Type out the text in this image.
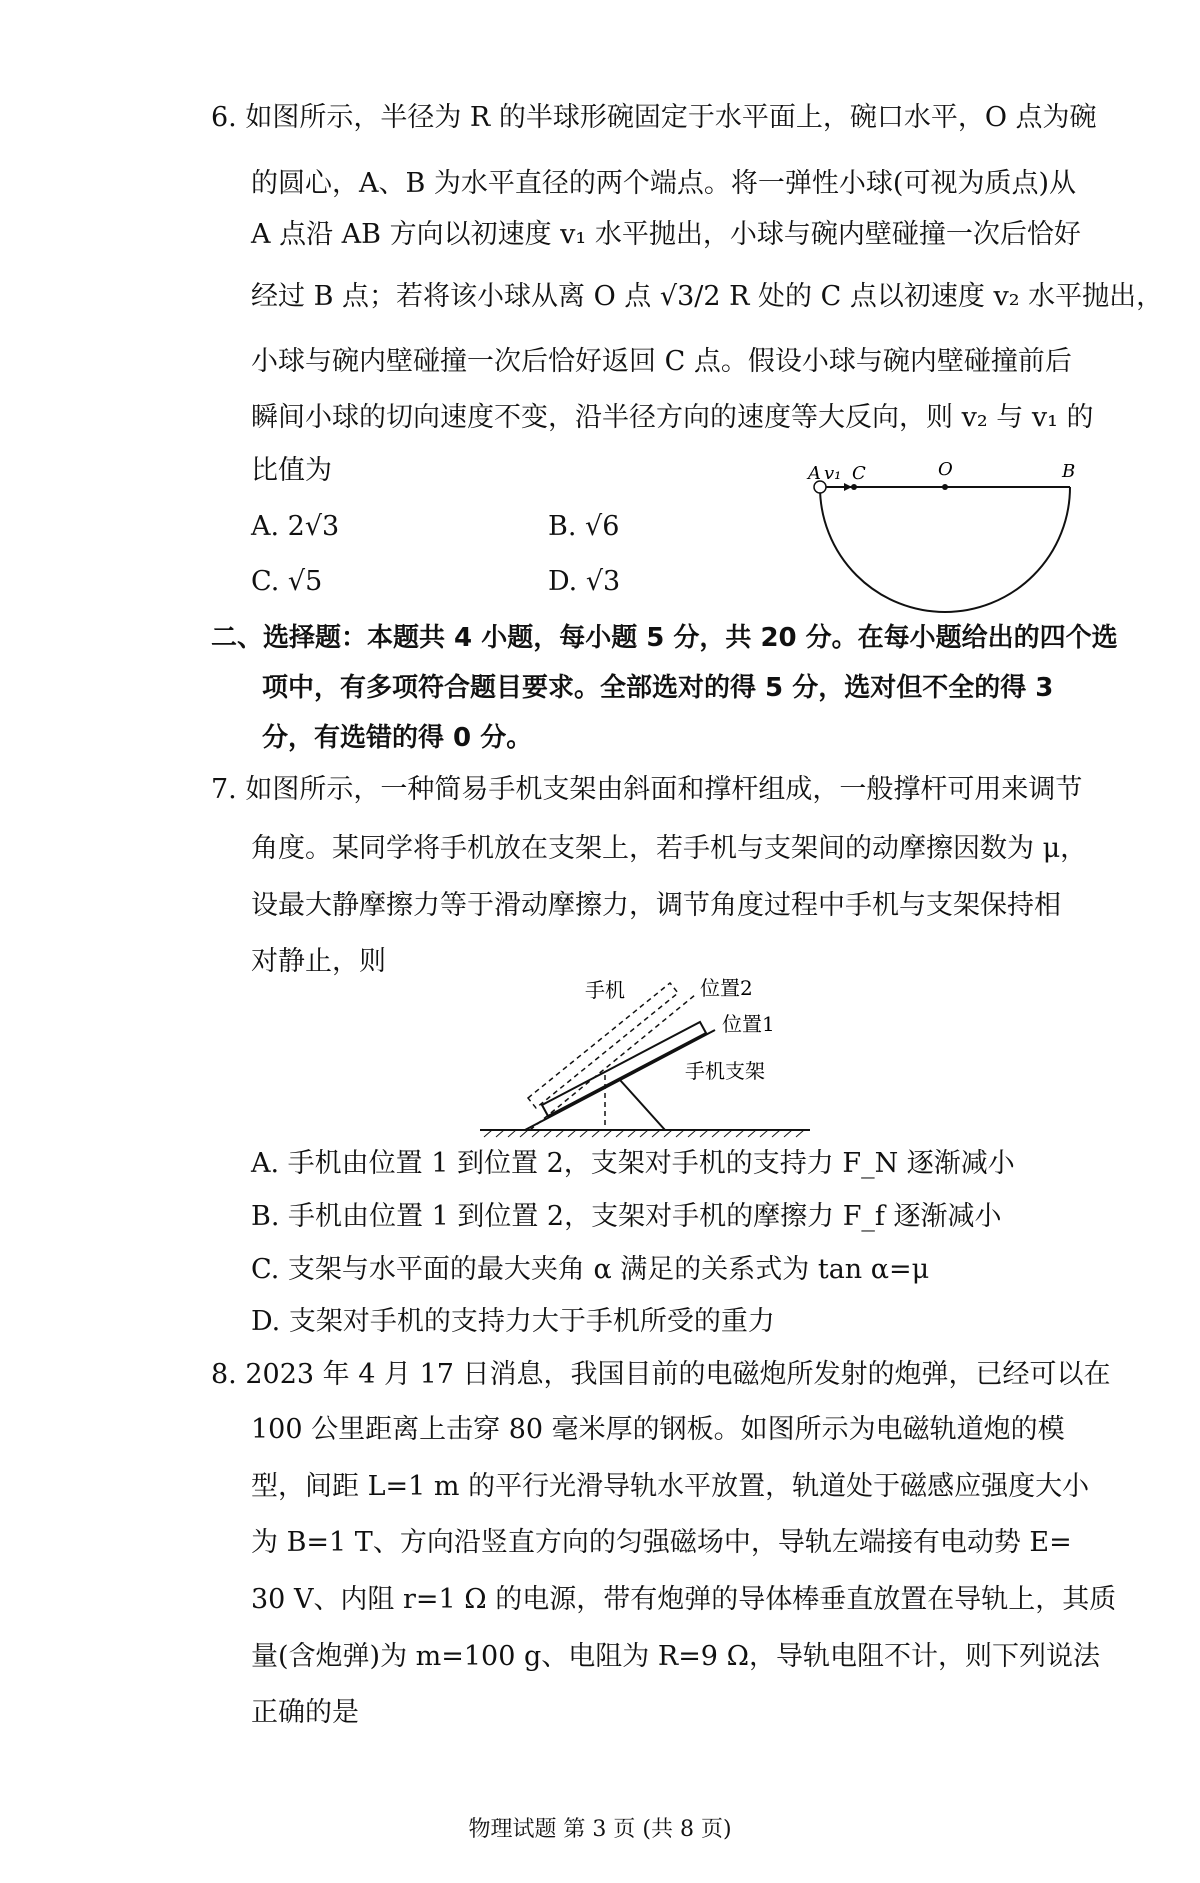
A v₁ C	O	B
手机	位置2
位置1
手机支架
物理试题 第 3 页 (共 8 页)
6. 如图所示，半径为 R 的半球形碗固定于水平面上，碗口水平，O 点为碗
的圆心，A、B 为水平直径的两个端点。将一弹性小球(可视为质点)从
A 点沿 AB 方向以初速度 v₁ 水平抛出，小球与碗内壁碰撞一次后恰好
经过 B 点；若将该小球从离 O 点 √3/2 R 处的 C 点以初速度 v₂ 水平抛出，
小球与碗内壁碰撞一次后恰好返回 C 点。假设小球与碗内壁碰撞前后
瞬间小球的切向速度不变，沿半径方向的速度等大反向，则 v₂ 与 v₁ 的
比值为
A. 2√3	B. √6
C. √5	D. √3
二、选择题：本题共 4 小题，每小题 5 分，共 20 分。在每小题给出的四个选
项中，有多项符合题目要求。全部选对的得 5 分，选对但不全的得 3
分，有选错的得 0 分。
7. 如图所示，一种简易手机支架由斜面和撑杆组成，一般撑杆可用来调节
角度。某同学将手机放在支架上，若手机与支架间的动摩擦因数为 μ，
设最大静摩擦力等于滑动摩擦力，调节角度过程中手机与支架保持相
对静止，则
A. 手机由位置 1 到位置 2，支架对手机的支持力 F_N 逐渐减小
B. 手机由位置 1 到位置 2，支架对手机的摩擦力 F_f 逐渐减小
C. 支架与水平面的最大夹角 α 满足的关系式为 tan α=μ
D. 支架对手机的支持力大于手机所受的重力
8. 2023 年 4 月 17 日消息，我国目前的电磁炮所发射的炮弹，已经可以在
100 公里距离上击穿 80 毫米厚的钢板。如图所示为电磁轨道炮的模
型，间距 L=1 m 的平行光滑导轨水平放置，轨道处于磁感应强度大小
为 B=1 T、方向沿竖直方向的匀强磁场中，导轨左端接有电动势 E=
30 V、内阻 r=1 Ω 的电源，带有炮弹的导体棒垂直放置在导轨上，其质
量(含炮弹)为 m=100 g、电阻为 R=9 Ω，导轨电阻不计，则下列说法
正确的是
